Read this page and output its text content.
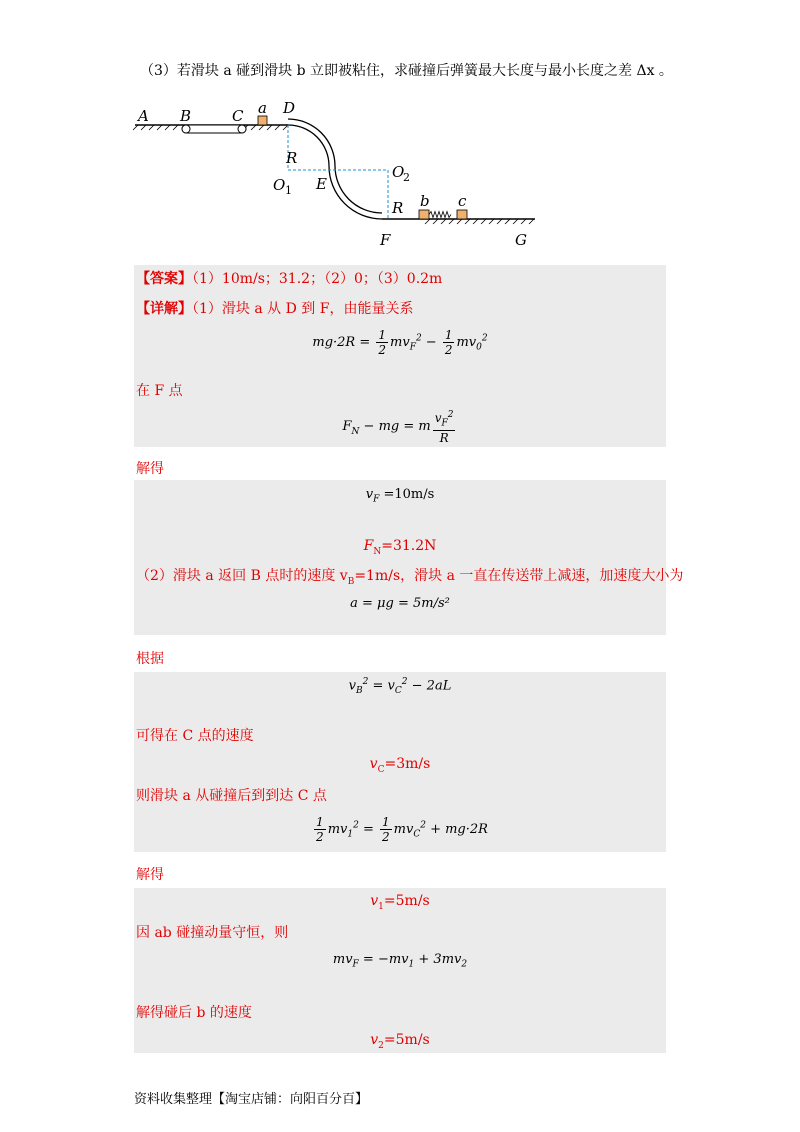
（3）若滑块 a 碰到滑块 b 立即被粘住，求碰撞后弹簧最大长度与最小长度之差 Δx 。
A B	C a D
R
O 1 E
O
2
R b c
F	G
【答案】（1）10m/s；31.2；（2）0；（3）0.2m
【详解】（1）滑块 a 从 D 到 F，由能量关系
$mg\cdot 2R = \frac{1}{2} mv_F^2 - \frac{1}{2} mv_0^2$
在 F 点
$F_N$ − mg = m $\frac{v_F^2}{R}$
解得
$v_F =10m/s$
$F_N=31.2N$
（2）滑块 a 返回 B 点时的速度 $v_B=1m/s$，滑块 a 一直在传送带上减速，加速度大小为
a = μg = 5m/s²
根据
$v_B^2 = v_C^2 - 2aL$
可得在 C 点的速度
$v_C=3m/s$
则滑块 a 从碰撞后到到达 C 点
$\frac{1}{2} mv_1^2 = \frac{1}{2} mv_C^2 + mg\cdot 2R$
解得
$v_1=5m/s$
因 ab 碰撞动量守恒，则
$mv_F = -mv_1 + 3mv_2$
解得碰后 b 的速度
$v_2=5m/s$
资料收集整理【淘宝店铺：向阳百分百】
